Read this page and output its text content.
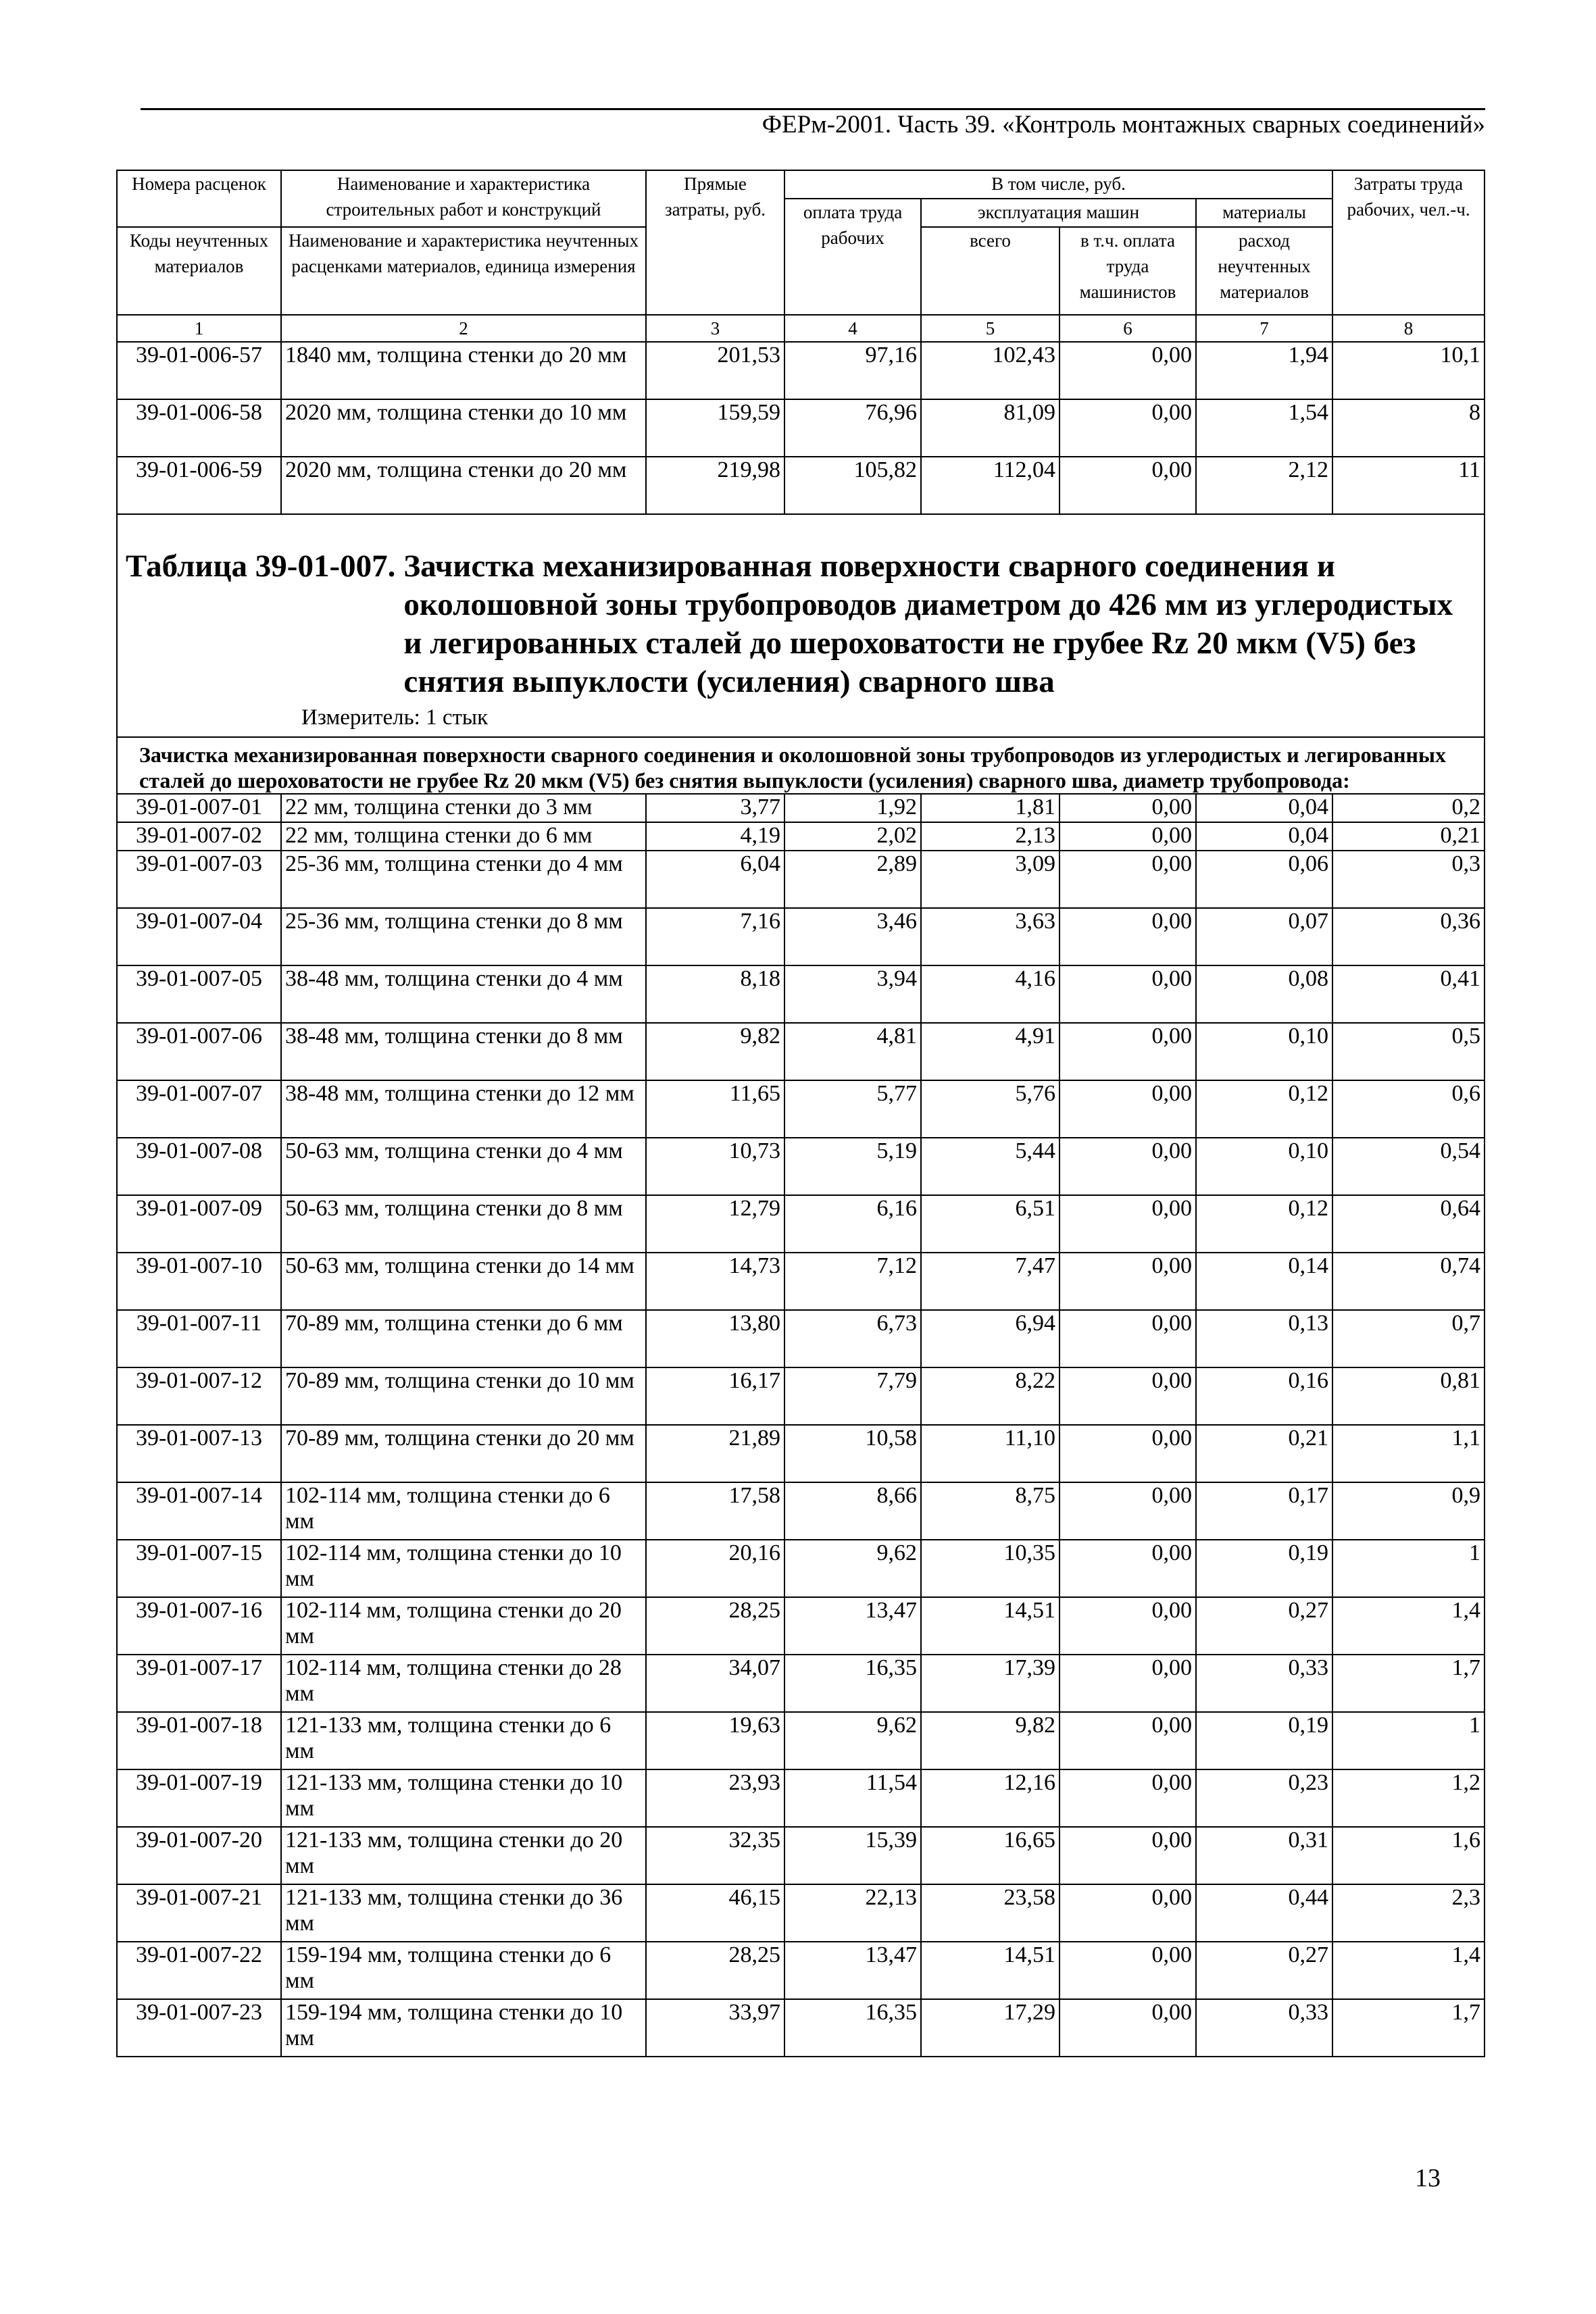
ФЕРм-2001. Часть 39. «Контроль монтажных сварных соединений»
Номера расценок	Наименование и характеристика строительных работ и конструкций	Прямые затраты, руб.	В том числе, руб.				Затраты труда рабочих, чел.-ч.
			оплата труда рабочих	эксплуатация машин		материалы	
Коды неучтенных материалов	Наименование и характеристика неучтенных расценками материалов, единица измерения			всего	в т.ч. оплата труда машинистов	расход неучтенных материалов	

1	2	3	4	5	6	7	8
39-01-006-57	1840 мм, толщина стенки до 20 мм	201,53	97,16	102,43	0,00	1,94	10,1
39-01-006-58	2020 мм, толщина стенки до 10 мм	159,59	76,96	81,09	0,00	1,54	8
39-01-006-59	2020 мм, толщина стенки до 20 мм	219,98	105,82	112,04	0,00	2,12	11

Таблица 39-01-007. Зачистка механизированная поверхности сварного соединения и околошовной зоны трубопроводов диаметром до 426 мм из углеродистых и легированных сталей до шероховатости не грубее Rz 20 мкм (V5) без снятия выпуклости (усиления) сварного шва
Измеритель: 1 стык							

Зачистка механизированная поверхности сварного соединения и околошовной зоны трубопроводов из углеродистых и легированных сталей до шероховатости не грубее Rz 20 мкм (V5) без снятия выпуклости (усиления) сварного шва, диаметр трубопровода:							
39-01-007-01	22 мм, толщина стенки до 3 мм	3,77	1,92	1,81	0,00	0,04	0,2
39-01-007-02	22 мм, толщина стенки до 6 мм	4,19	2,02	2,13	0,00	0,04	0,21
39-01-007-03	25-36 мм, толщина стенки до 4 мм	6,04	2,89	3,09	0,00	0,06	0,3
39-01-007-04	25-36 мм, толщина стенки до 8 мм	7,16	3,46	3,63	0,00	0,07	0,36
39-01-007-05	38-48 мм, толщина стенки до 4 мм	8,18	3,94	4,16	0,00	0,08	0,41
39-01-007-06	38-48 мм, толщина стенки до 8 мм	9,82	4,81	4,91	0,00	0,10	0,5
39-01-007-07	38-48 мм, толщина стенки до 12 мм	11,65	5,77	5,76	0,00	0,12	0,6
39-01-007-08	50-63 мм, толщина стенки до 4 мм	10,73	5,19	5,44	0,00	0,10	0,54
39-01-007-09	50-63 мм, толщина стенки до 8 мм	12,79	6,16	6,51	0,00	0,12	0,64
39-01-007-10	50-63 мм, толщина стенки до 14 мм	14,73	7,12	7,47	0,00	0,14	0,74
39-01-007-11	70-89 мм, толщина стенки до 6 мм	13,80	6,73	6,94	0,00	0,13	0,7
39-01-007-12	70-89 мм, толщина стенки до 10 мм	16,17	7,79	8,22	0,00	0,16	0,81
39-01-007-13	70-89 мм, толщина стенки до 20 мм	21,89	10,58	11,10	0,00	0,21	1,1
39-01-007-14	102-114 мм, толщина стенки до 6 мм	17,58	8,66	8,75	0,00	0,17	0,9
39-01-007-15	102-114 мм, толщина стенки до 10 мм	20,16	9,62	10,35	0,00	0,19	1
39-01-007-16	102-114 мм, толщина стенки до 20 мм	28,25	13,47	14,51	0,00	0,27	1,4
39-01-007-17	102-114 мм, толщина стенки до 28 мм	34,07	16,35	17,39	0,00	0,33	1,7
39-01-007-18	121-133 мм, толщина стенки до 6 мм	19,63	9,62	9,82	0,00	0,19	1
39-01-007-19	121-133 мм, толщина стенки до 10 мм	23,93	11,54	12,16	0,00	0,23	1,2
39-01-007-20	121-133 мм, толщина стенки до 20 мм	32,35	15,39	16,65	0,00	0,31	1,6
39-01-007-21	121-133 мм, толщина стенки до 36 мм	46,15	22,13	23,58	0,00	0,44	2,3
39-01-007-22	159-194 мм, толщина стенки до 6 мм	28,25	13,47	14,51	0,00	0,27	1,4
39-01-007-23	159-194 мм, толщина стенки до 10 мм	33,97	16,35	17,29	0,00	0,33	1,7
13
